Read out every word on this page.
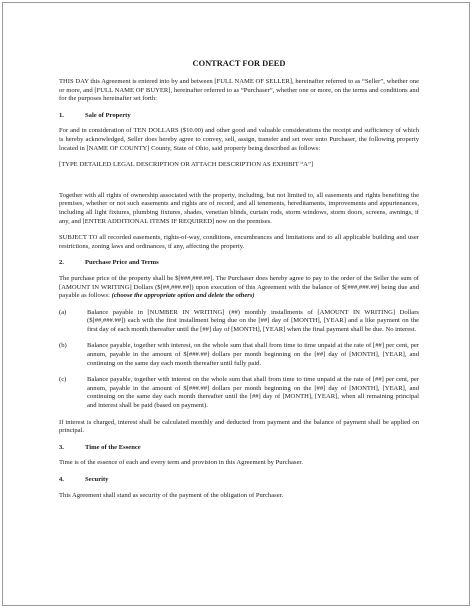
CONTRACT FOR DEED

THIS DAY this Agreement is entered into by and between [FULL NAME OF SELLER], hereinafter referred to as “Seller”, whether one or more, and [FULL NAME OF BUYER], hereinafter referred to as “Purchaser”, whether one or more, on the terms and conditions and for the purposes hereinafter set forth:

1.	Sale of Property

For and in consideration of TEN DOLLARS ($10.00) and other good and valuable considerations the receipt and sufficiency of which is hereby acknowledged, Seller does hereby agree to convey, sell, assign, transfer and set over unto Purchaser, the following property located in [NAME OF COUNTY] County, State of Ohio, said property being described as follows:

[TYPE DETAILED LEGAL DESCRIPTION OR ATTACH DESCRIPTION AS EXHIBIT “A”]

Together with all rights of ownership associated with the property, including, but not limited to, all easements and rights benefiting the premises, whether or not such easements and rights are of record, and all tenements, hereditaments, improvements and appurtenances, including all light fixtures, plumbing fixtures, shades, venetian blinds, curtain rods, storm windows, storm doors, screens, awnings, if any, and [ENTER ADDITIONAL ITEMS IF REQUIRED] now on the premises.

SUBJECT TO all recorded easements, rights-of-way, conditions, encumbrances and limitations and to all applicable building and user restrictions, zoning laws and ordinances, if any, affecting the property.

2.	Purchase Price and Terms

The purchase price of the property shall be $[###,###.##]. The Purchaser does hereby agree to pay to the order of the Seller the sum of [AMOUNT IN WRITING] Dollars ($[##,###.##]) upon execution of this Agreement with the balance of $[###,###.##] being due and payable as follows: (choose the appropriate option and delete the others)

(a)	Balance payable in [NUMBER IN WRITING] (##) monthly installments of [AMOUNT IN WRITING] Dollars ($[##,###.##]) each with the first installment being due on the [##] day of [MONTH], [YEAR] and a like payment on the first day of each month thereafter until the [##] day of [MONTH], [YEAR] when the final payment shall be due. No interest.
(b)	Balance payable, together with interest, on the whole sum that shall from time to time unpaid at the rate of [##] per cent, per annum, payable in the amount of $[###.##] dollars per month beginning on the [##] day of [MONTH], [YEAR], and continuing on the same day each month thereafter until fully paid.
(c)	Balance payable, together with interest on the whole sum that shall from time to time unpaid at the rate of [##] per cent, per annum, payable in the amount of $[###.##] dollars per month beginning on the [##] day of [MONTH], [YEAR], and continuing on the same day each month thereafter until the [##] day of [MONTH], [YEAR], when all remaining principal and interest shall be paid (based on payment).

If interest is charged, interest shall be calculated monthly and deducted from payment and the balance of payment shall be applied on principal.

3.	Time of the Essence

Time is of the essence of each and every term and provision in this Agreement by Purchaser.

4.	Security

This Agreement shall stand as security of the payment of the obligation of Purchaser.
